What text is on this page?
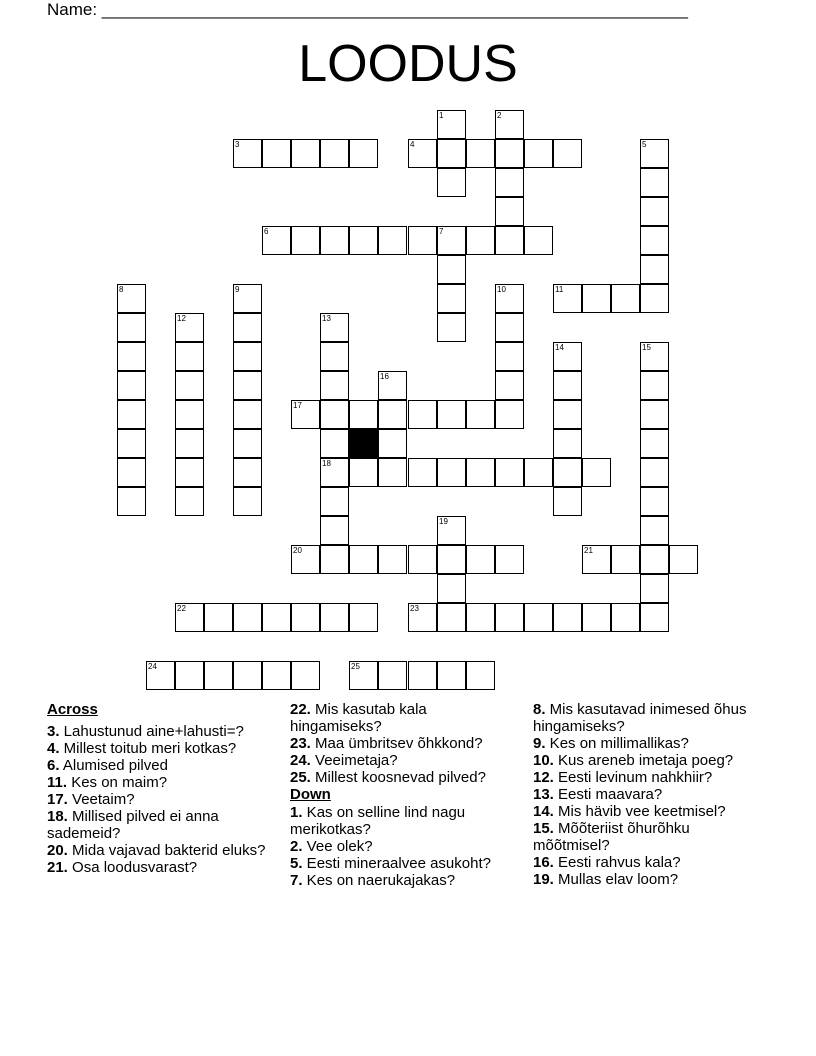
Name: ______________________________________________________________
LOODUS
1	2
3	4	5
6	7
8	9	10	11
12	13
14	15
16
17
18
19
20	21
22	23
24	25
Across
3. Lahustunud aine+lahusti=?
4. Millest toitub meri kotkas?
6. Alumised pilved
11. Kes on maim?
17. Veetaim?
18. Millised pilved ei anna sademeid?
20. Mida vajavad bakterid eluks?
21. Osa loodusvarast?
22. Mis kasutab kala hingamiseks?
23. Maa ümbritsev õhkkond?
24. Veeimetaja?
25. Millest koosnevad pilved?
Down
1. Kas on selline lind nagu merikotkas?
2. Vee olek?
5. Eesti mineraalvee asukoht?
7. Kes on naerukajakas?
8. Mis kasutavad inimesed õhus hingamiseks?
9. Kes on millimallikas?
10. Kus areneb imetaja poeg?
12. Eesti levinum nahkhiir?
13. Eesti maavara?
14. Mis hävib vee keetmisel?
15. Mõõteriist õhurõhku mõõtmisel?
16. Eesti rahvus kala?
19. Mullas elav loom?
